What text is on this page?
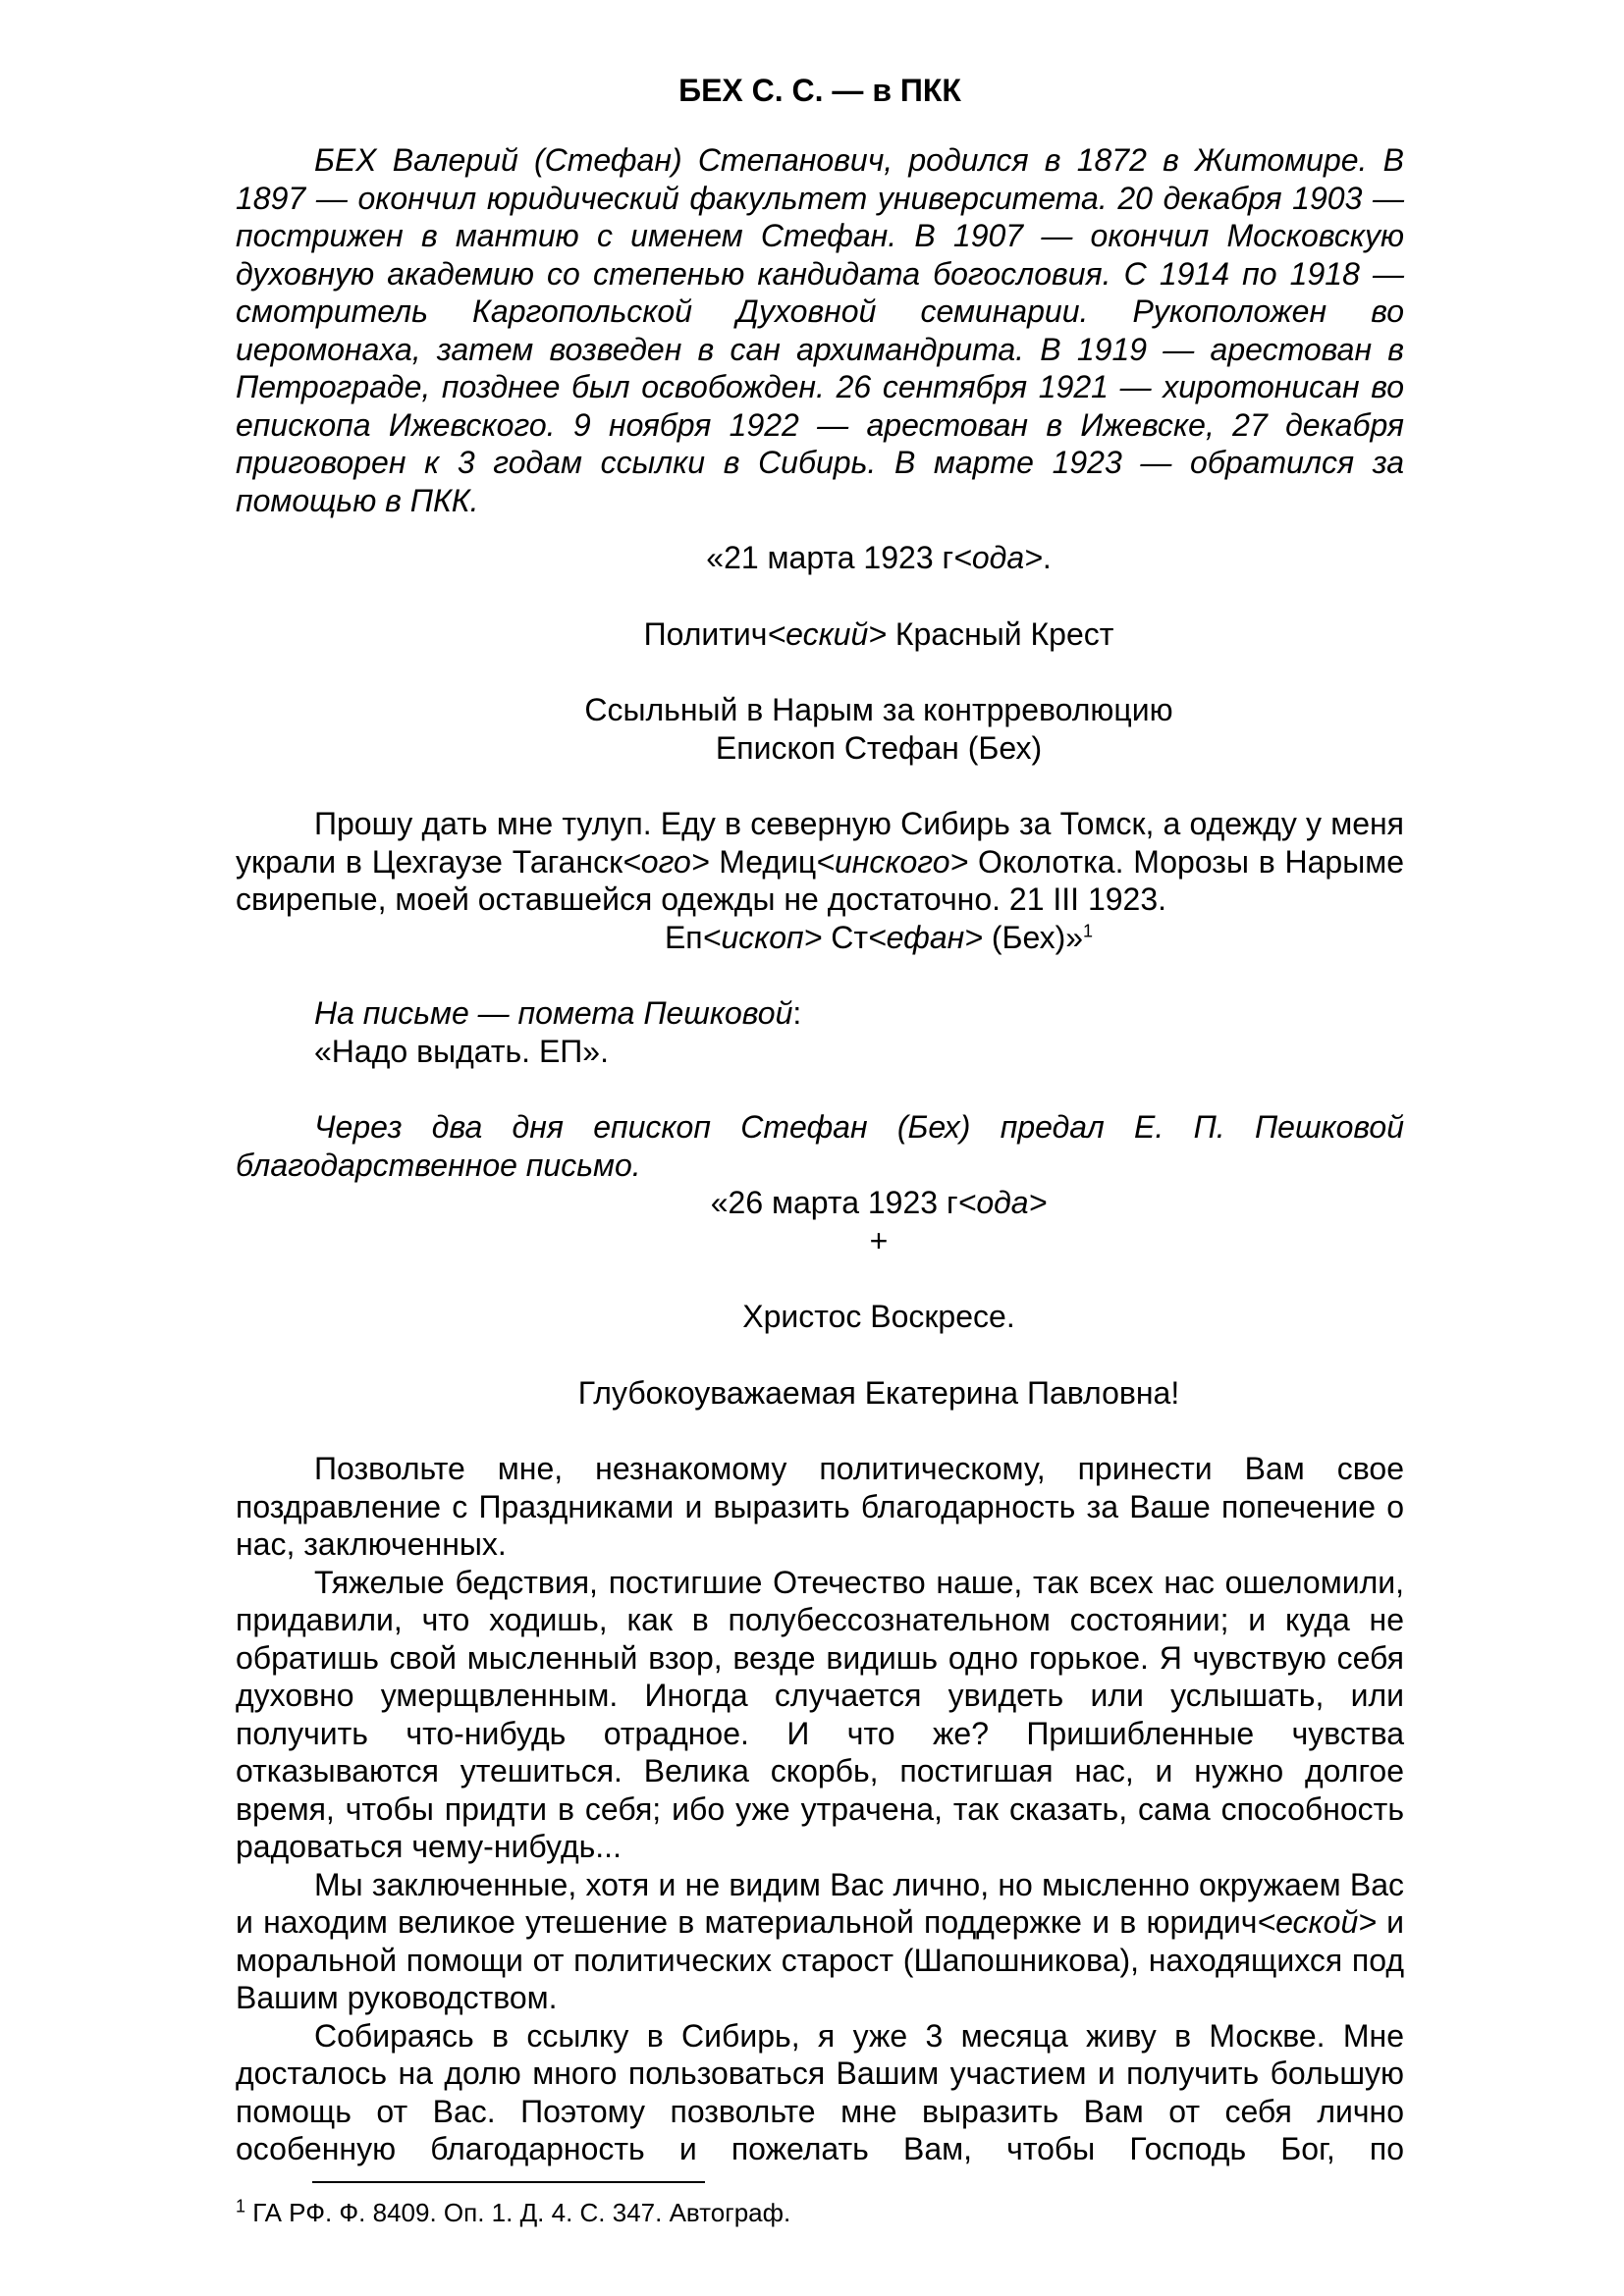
БЕХ С. С. — в ПКК

БЕХ Валерий (Стефан) Степанович, родился в 1872 в Житомире. В 1897 — окончил юридический факультет университета. 20 декабря 1903 — пострижен в мантию с именем Стефан. В 1907 — окончил Московскую духовную академию со степенью кандидата богословия. С 1914 по 1918 — смотритель Каргопольской Духовной семинарии. Рукоположен во иеромонаха, затем возведен в сан архимандрита. В 1919 — арестован в Петрограде, позднее был освобожден. 26 сентября 1921 — хиротонисан во епископа Ижевского. 9 ноября 1922 — арестован в Ижевске, 27 декабря приговорен к 3 годам ссылки в Сибирь. В марте 1923 — обратился за помощью в ПКК.

«21 марта 1923 г<ода>.

Политич<еский> Красный Крест

Ссыльный в Нарым за контрреволюцию

Епископ Стефан (Бех)

Прошу дать мне тулуп. Еду в северную Сибирь за Томск, а одежду у меня украли в Цехгаузе Таганск<ого> Медиц<инского> Околотка. Морозы в Нарыме свирепые, моей оставшейся одежды не достаточно. 21 III 1923.

Еп<ископ> Ст<ефан> (Бех)»$^1$

На письме — помета Пешковой:

«Надо выдать. ЕП».

Через два дня епископ Стефан (Бех) предал Е. П. Пешковой благодарственное письмо.

«26 марта 1923 г<ода>

+

Христос Воскресе.

Глубокоуважаемая Екатерина Павловна!

Позвольте мне, незнакомому политическому, принести Вам свое поздравление с Праздниками и выразить благодарность за Ваше попечение о нас, заключенных.

Тяжелые бедствия, постигшие Отечество наше, так всех нас ошеломили, придавили, что ходишь, как в полубессознательном состоянии; и куда не обратишь свой мысленный взор, везде видишь одно горькое. Я чувствую себя духовно умерщвленным. Иногда случается увидеть или услышать, или получить что-нибудь отрадное. И что же? Пришибленные чувства отказываются утешиться. Велика скорбь, постигшая нас, и нужно долгое время, чтобы придти в себя; ибо уже утрачена, так сказать, сама способность радоваться чему-нибудь...

Мы заключенные, хотя и не видим Вас лично, но мысленно окружаем Вас и находим великое утешение в материальной поддержке и в юридич<еской> и моральной помощи от политических старост (Шапошникова), находящихся под Вашим руководством.

Собираясь в ссылку в Сибирь, я уже 3 месяца живу в Москве. Мне досталось на долю много пользоваться Вашим участием и получить большую помощь от Вас. Поэтому позвольте мне выразить Вам от себя лично особенную благодарность и пожелать Вам, чтобы Господь Бог, по

$^1$ ГА РФ. Ф. 8409. Оп. 1. Д. 4. С. 347. Автограф.
